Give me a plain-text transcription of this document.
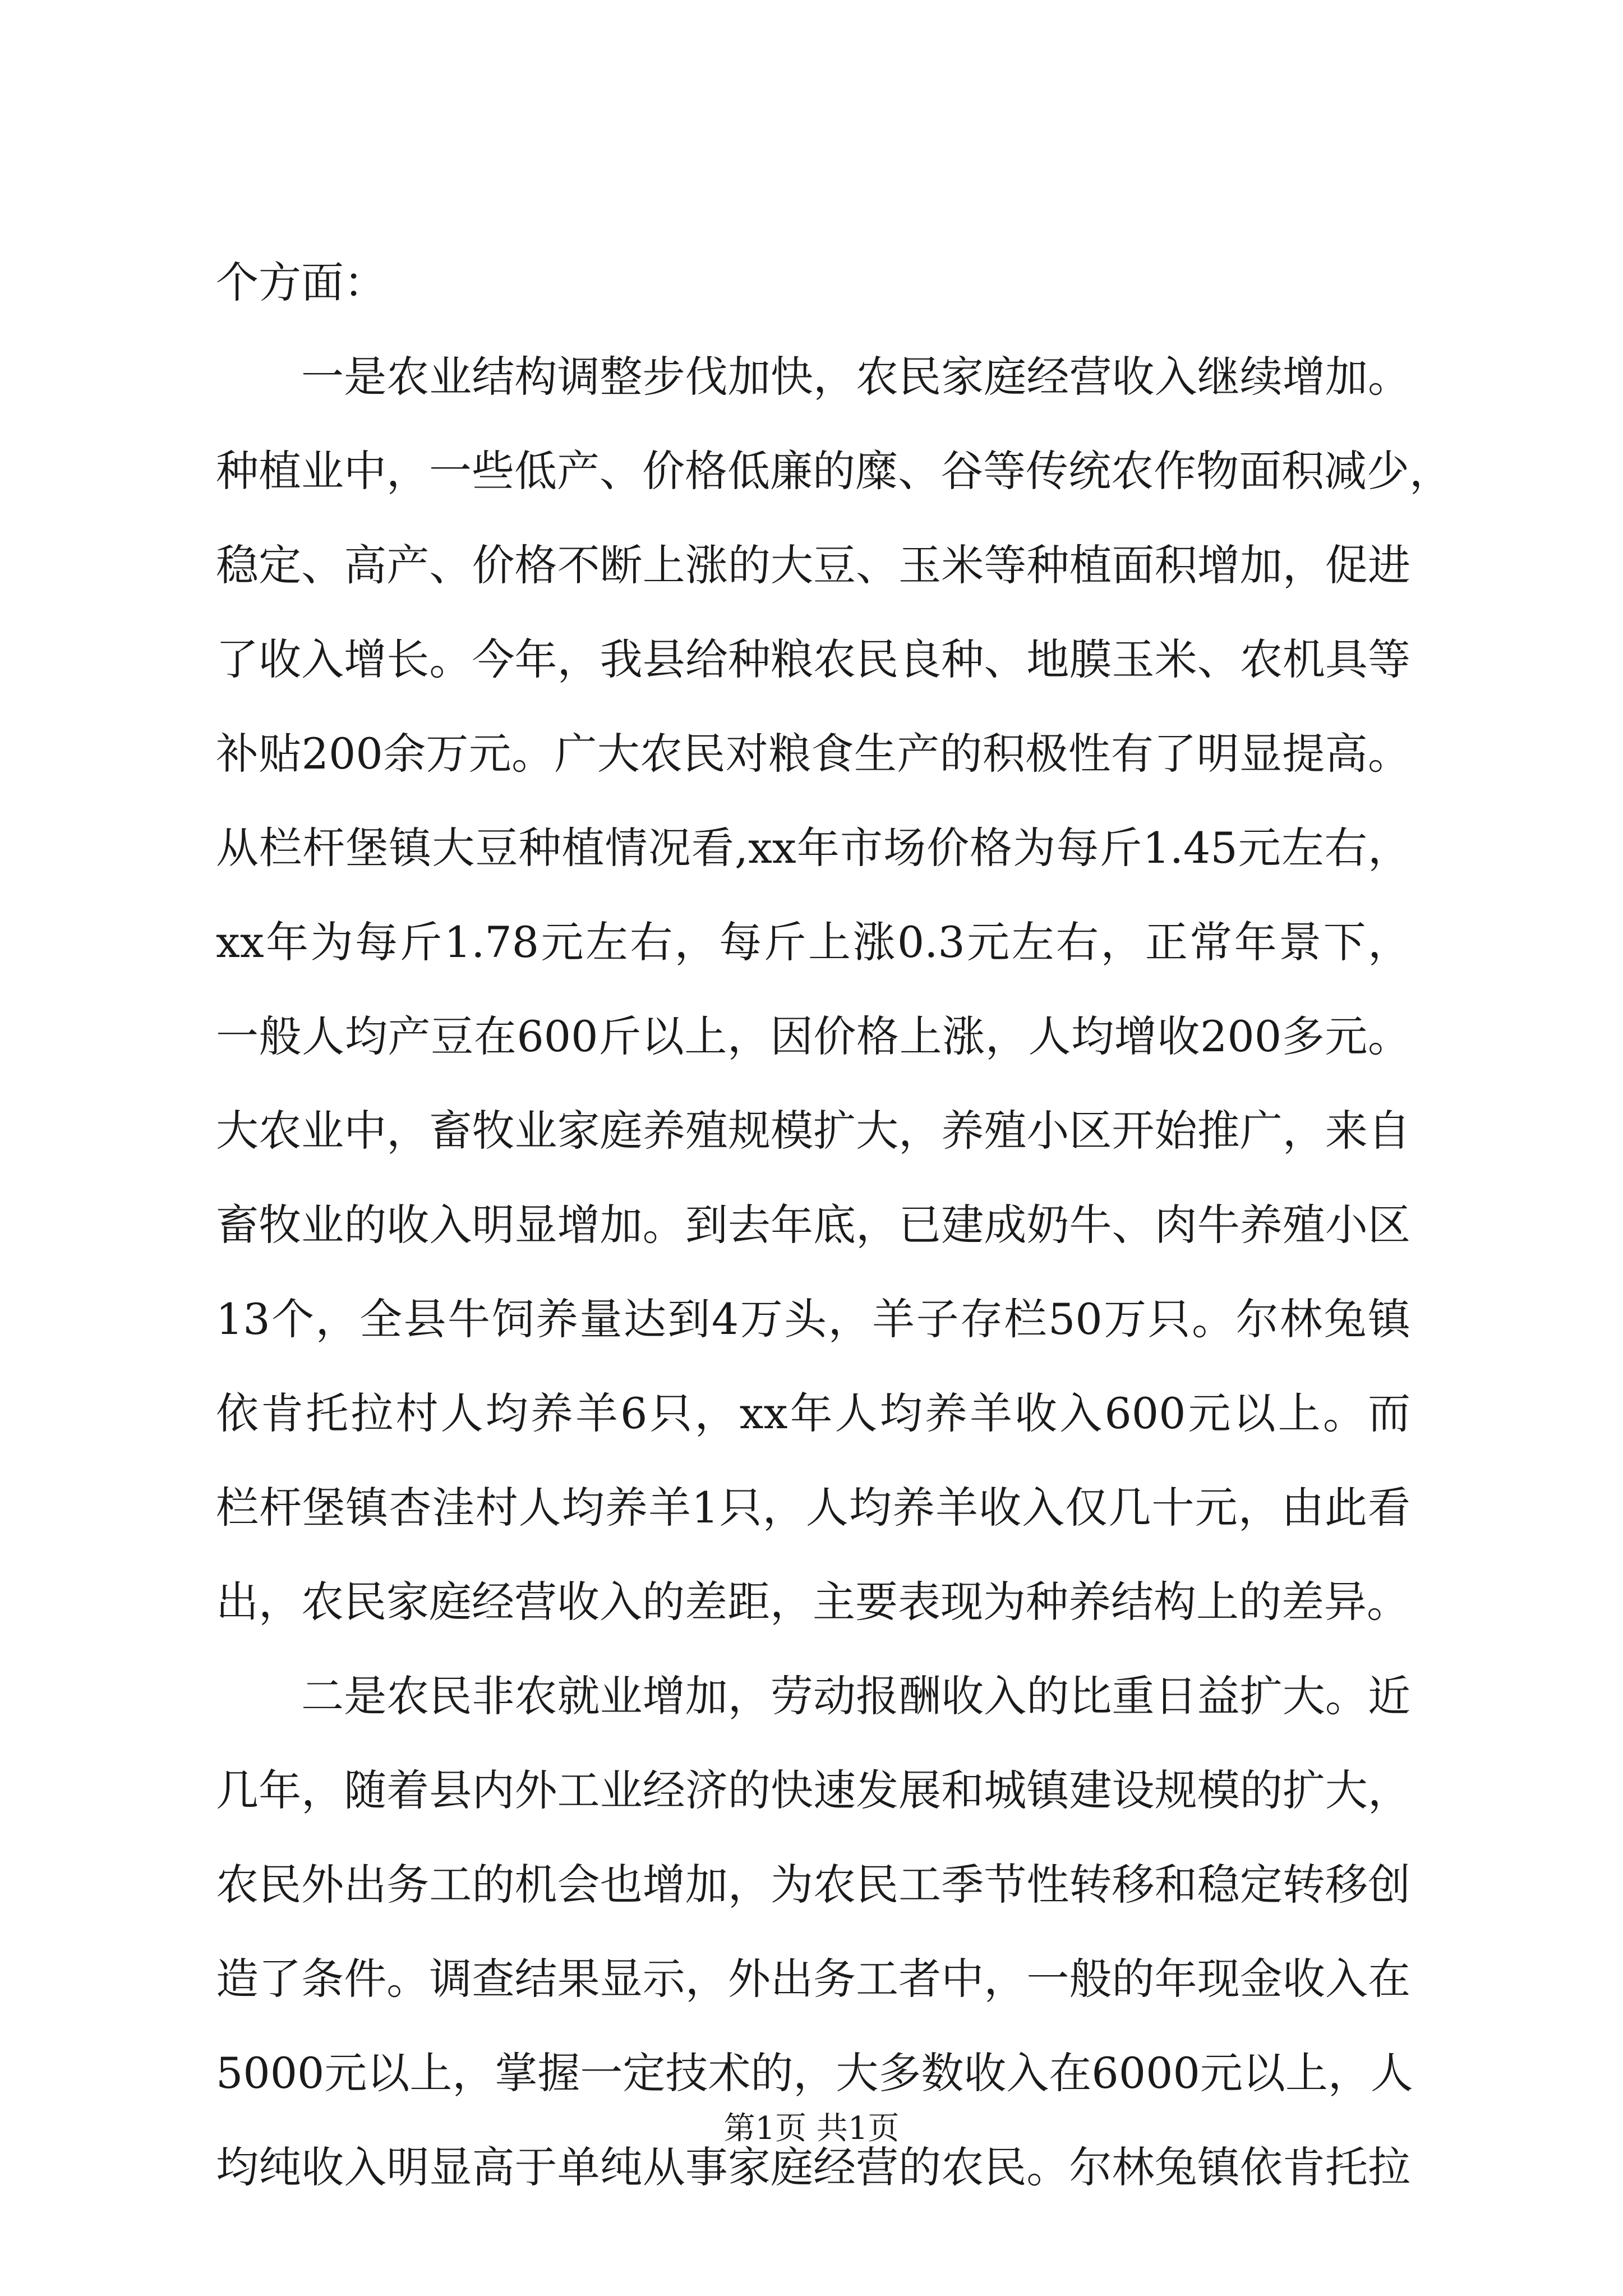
个方面：
一是农业结构调整步伐加快，农民家庭经营收入继续增加。
种植业中，一些低产、价格低廉的糜、谷等传统农作物面积减少，
稳定、高产、价格不断上涨的大豆、玉米等种植面积增加，促进
了收入增长。今年，我县给种粮农民良种、地膜玉米、农机具等
补贴200余万元。广大农民对粮食生产的积极性有了明显提高。
从栏杆堡镇大豆种植情况看,xx年市场价格为每斤1.45元左右，
xx年为每斤1.78元左右，每斤上涨0.3元左右，正常年景下，
一般人均产豆在600斤以上，因价格上涨，人均增收200多元。
大农业中，畜牧业家庭养殖规模扩大，养殖小区开始推广，来自
畜牧业的收入明显增加。到去年底，已建成奶牛、肉牛养殖小区
13个，全县牛饲养量达到4万头，羊子存栏50万只。尔林兔镇
依肯托拉村人均养羊6只，xx年人均养羊收入600元以上。而
栏杆堡镇杏洼村人均养羊1只，人均养羊收入仅几十元，由此看
出，农民家庭经营收入的差距，主要表现为种养结构上的差异。
二是农民非农就业增加，劳动报酬收入的比重日益扩大。近
几年，随着县内外工业经济的快速发展和城镇建设规模的扩大，
农民外出务工的机会也增加，为农民工季节性转移和稳定转移创
造了条件。调查结果显示，外出务工者中，一般的年现金收入在
5000元以上，掌握一定技术的，大多数收入在6000元以上，人
均纯收入明显高于单纯从事家庭经营的农民。尔林兔镇依肯托拉
第1页 共1页
